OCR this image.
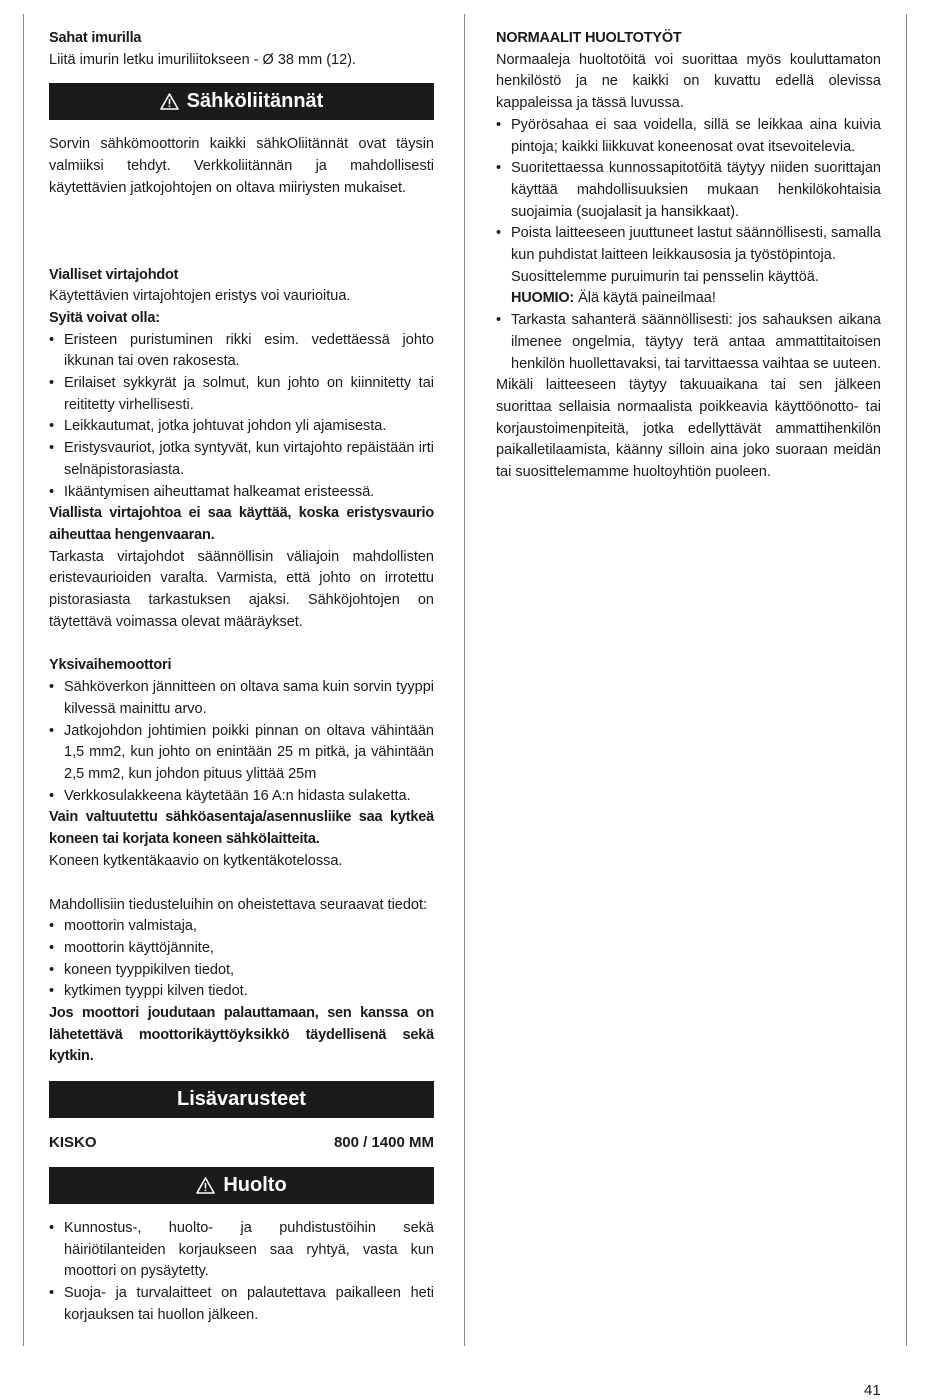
Sahat imurilla

Liitä imurin letku imuriliitokseen - Ø 38 mm (12).

Sähköliitännät

Sorvin sähkömoottorin kaikki sähkOliitännät ovat täysin valmiiksi tehdyt. Verkkoliitännän ja mahdollisesti käytettävien jatkojohtojen on oltava miiriysten mukaiset.

Vialliset virtajohdot

Käytettävien virtajohtojen eristys voi vaurioitua.

Syitä voivat olla:

• Eristeen puristuminen rikki esim. vedettäessä johto ikkunan tai oven rakosesta.
• Erilaiset sykkyrät ja solmut, kun johto on kiinnitetty tai reititetty virhellisesti.
• Leikkautumat, jotka johtuvat johdon yli ajamisesta.
• Eristysvauriot, jotka syntyvät, kun virtajohto repäistään irti selnäpistorasiasta.
• Ikääntymisen aiheuttamat halkeamat eristeessä.

Viallista virtajohtoa ei saa käyttää, koska eristysvaurio aiheuttaa hengenvaaran.

Tarkasta virtajohdot säännöllisin väliajoin mahdollisten eristevaurioiden varalta. Varmista, että johto on irrotettu pistorasiasta tarkastuksen ajaksi. Sähköjohtojen on täytettävä voimassa olevat määräykset.

Yksivaihemoottori

• Sähköverkon jännitteen on oltava sama kuin sorvin tyyppi kilvessä mainittu arvo.
• Jatkojohdon johtimien poikki pinnan on oltava vähintään 1,5 mm2, kun johto on enintään 25 m pitkä, ja vähintään 2,5 mm2, kun johdon pituus ylittää 25m
• Verkkosulakkeena käytetään 16 A:n hidasta sulaketta.

Vain valtuutettu sähköasentaja/asennusliike saa kytkeä koneen tai korjata koneen sähkölaitteita.

Koneen kytkentäkaavio on kytkentäkotelossa.

Mahdollisiin tiedusteluihin on oheistettava seuraavat tiedot:

• moottorin valmistaja,
• moottorin käyttöjännite,
• koneen tyyppikilven tiedot,
• kytkimen tyyppi kilven tiedot.

Jos moottori joudutaan palauttamaan, sen kanssa on lähetettävä moottorikäyttöyksikkö täydellisenä sekä kytkin.

Lisävarusteet
KISKO	800 / 1400 MM
Huolto
• Kunnostus-, huolto- ja puhdistustöihin sekä häiriötilanteiden korjaukseen saa ryhtyä, vasta kun moottori on pysäytetty.
• Suoja- ja turvalaitteet on palautettava paikalleen heti korjauksen tai huollon jälkeen.

NORMAALIT HUOLTOTYÖT

Normaaleja huoltotöitä voi suorittaa myös kouluttamaton henkilöstö ja ne kaikki on kuvattu edellä olevissa kappaleissa ja tässä luvussa.

• Pyörösahaa ei saa voidella, sillä se leikkaa aina kuivia pintoja; kaikki liikkuvat koneenosat ovat itsevoitelevia.
• Suoritettaessa kunnossapitotöitä täytyy niiden suorittajan käyttää mahdollisuuksien mukaan henkilökohtaisia suojaimia (suojalasit ja hansikkaat).
• Poista laitteeseen juuttuneet lastut säännöllisesti, samalla kun puhdistat laitteen leikkausosia ja työstöpintoja.
Suosittelemme puruimurin tai pensselin käyttöä.
HUOMIO: Älä käytä paineilmaa!
• Tarkasta sahanterä säännöllisesti: jos sahauksen aikana ilmenee ongelmia, täytyy terä antaa ammattitaitoisen henkilön huollettavaksi, tai tarvittaessa vaihtaa se uuteen.

Mikäli laitteeseen täytyy takuuaikana tai sen jälkeen suorittaa sellaisia normaalista poikkeavia käyttöönotto- tai korjaustoimenpiteitä, jotka edellyttävät ammattihenkilön paikalletilaamista, käänny silloin aina joko suoraan meidän tai suosittelemamme huoltoyhtiön puoleen.

41
